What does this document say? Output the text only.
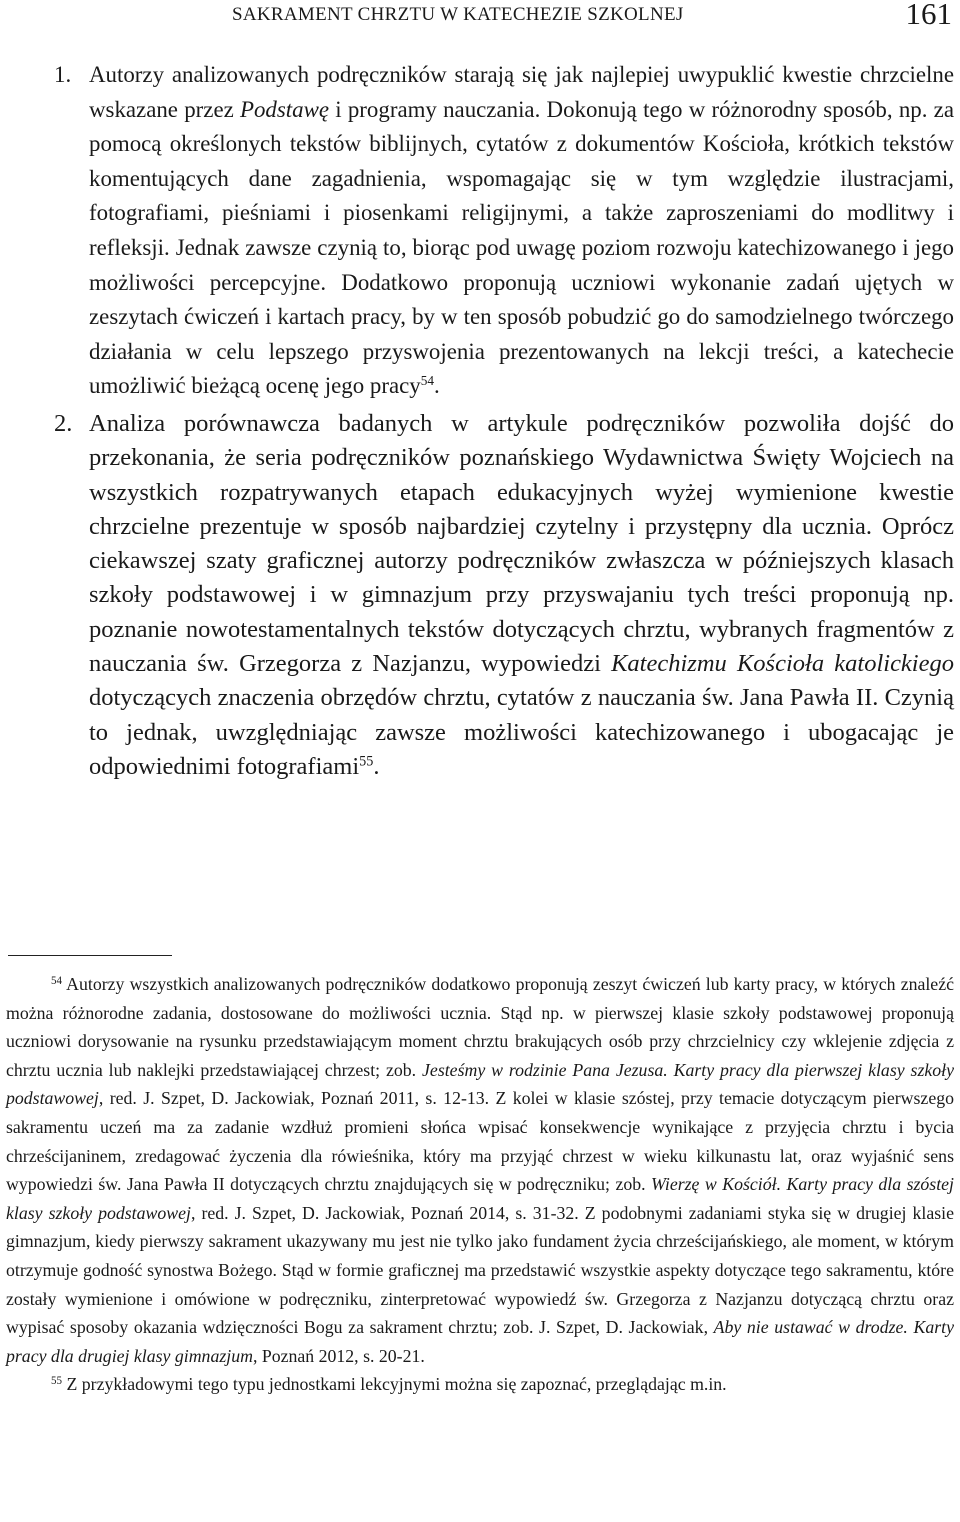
SAKRAMENT CHRZTU W KATECHEZIE SZKOLNEJ	161

1. Autorzy analizowanych podręczników starają się jak najlepiej uwypuklić kwestie chrzcielne wskazane przez Podstawę i programy nauczania. Dokonują tego w różnorodny sposób, np. za pomocą określonych tekstów biblijnych, cytatów z dokumentów Kościoła, krótkich tekstów komentujących dane zagadnienia, wspomagając się w tym względzie ilustracjami, fotografiami, pieśniami i piosenkami religijnymi, a także zaproszeniami do modlitwy i refleksji. Jednak zawsze czynią to, biorąc pod uwagę poziom rozwoju katechizowanego i jego możliwości percepcyjne. Dodatkowo proponują uczniowi wykonanie zadań ujętych w zeszytach ćwiczeń i kartach pracy, by w ten sposób pobudzić go do samodzielnego twórczego działania w celu lepszego przyswojenia prezentowanych na lekcji treści, a katechecie umożliwić bieżącą ocenę jego pracy$^{54}$.

2. Analiza porównawcza badanych w artykule podręczników pozwoliła dojść do przekonania, że seria podręczników poznańskiego Wydawnictwa Święty Wojciech na wszystkich rozpatrywanych etapach edukacyjnych wyżej wymienione kwestie chrzcielne prezentuje w sposób najbardziej czytelny i przystępny dla ucznia. Oprócz ciekawszej szaty graficznej autorzy podręczników zwłaszcza w późniejszych klasach szkoły podstawowej i w gimnazjum przy przyswajaniu tych treści proponują np. poznanie nowotestamentalnych tekstów dotyczących chrztu, wybranych fragmentów z nauczania św. Grzegorza z Nazjanzu, wypowiedzi Katechizmu Kościoła katolickiego dotyczących znaczenia obrzędów chrztu, cytatów z nauczania św. Jana Pawła II. Czynią to jednak, uwzględniając zawsze możliwości katechizowanego i ubogacając je odpowiednimi fotografiami$^{55}$.

$^{54}$ Autorzy wszystkich analizowanych podręczników dodatkowo proponują zeszyt ćwiczeń lub karty pracy, w których znaleźć można różnorodne zadania, dostosowane do możliwości ucznia. Stąd np. w pierwszej klasie szkoły podstawowej proponują uczniowi dorysowanie na rysunku przedstawiającym moment chrztu brakujących osób przy chrzcielnicy czy wklejenie zdjęcia z chrztu ucznia lub naklejki przedstawiającej chrzest; zob. Jesteśmy w rodzinie Pana Jezusa. Karty pracy dla pierwszej klasy szkoły podstawowej, red. J. Szpet, D. Jackowiak, Poznań 2011, s. 12-13. Z kolei w klasie szóstej, przy temacie dotyczącym pierwszego sakramentu uczeń ma za zadanie wzdłuż promieni słońca wpisać konsekwencje wynikające z przyjęcia chrztu i bycia chrześcijaninem, zredagować życzenia dla rówieśnika, który ma przyjąć chrzest w wieku kilkunastu lat, oraz wyjaśnić sens wypowiedzi św. Jana Pawła II dotyczących chrztu znajdujących się w podręczniku; zob. Wierzę w Kościół. Karty pracy dla szóstej klasy szkoły podstawowej, red. J. Szpet, D. Jackowiak, Poznań 2014, s. 31-32. Z podobnymi zadaniami styka się w drugiej klasie gimnazjum, kiedy pierwszy sakrament ukazywany mu jest nie tylko jako fundament życia chrześcijańskiego, ale moment, w którym otrzymuje godność synostwa Bożego. Stąd w formie graficznej ma przedstawić wszystkie aspekty dotyczące tego sakramentu, które zostały wymienione i omówione w podręczniku, zinterpretować wypowiedź św. Grzegorza z Nazjanzu dotyczącą chrztu oraz wypisać sposoby okazania wdzięczności Bogu za sakrament chrztu; zob. J. Szpet, D. Jackowiak, Aby nie ustawać w drodze. Karty pracy dla drugiej klasy gimnazjum, Poznań 2012, s. 20-21.

$^{55}$ Z przykładowymi tego typu jednostkami lekcyjnymi można się zapoznać, przeglądając m.in.
